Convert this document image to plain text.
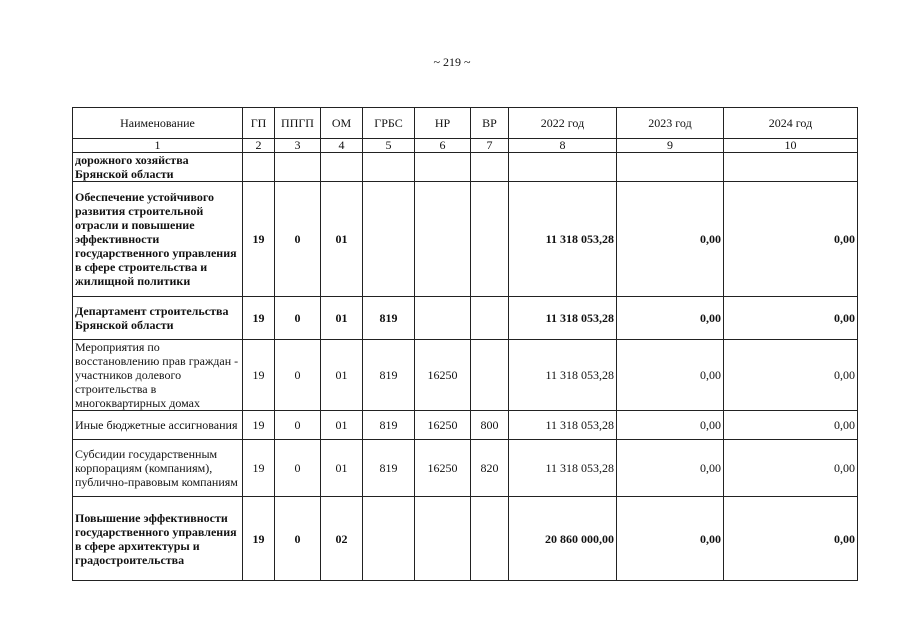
~ 219 ~
Наименование	ГП	ППГП	ОМ	ГРБС	НР	ВР	2022 год	2023 год	2024 год
1	2	3	4	5	6	7	8	9	10
дорожного хозяйства Брянской области									
Обеспечение устойчивого развития строительной отрасли и повышение эффективности государственного управления в сфере строительства и жилищной политики	19	0	01				11 318 053,28	0,00	0,00
Департамент строительства Брянской области	19	0	01	819			11 318 053,28	0,00	0,00
Мероприятия по восстановлению прав граждан - участников долевого строительства в многоквартирных домах	19	0	01	819	16250		11 318 053,28	0,00	0,00
Иные бюджетные ассигнования	19	0	01	819	16250	800	11 318 053,28	0,00	0,00
Субсидии государственным корпорациям (компаниям), публично-правовым компаниям	19	0	01	819	16250	820	11 318 053,28	0,00	0,00
Повышение эффективности государственного управления в сфере архитектуры и градостроительства	19	0	02				20 860 000,00	0,00	0,00
